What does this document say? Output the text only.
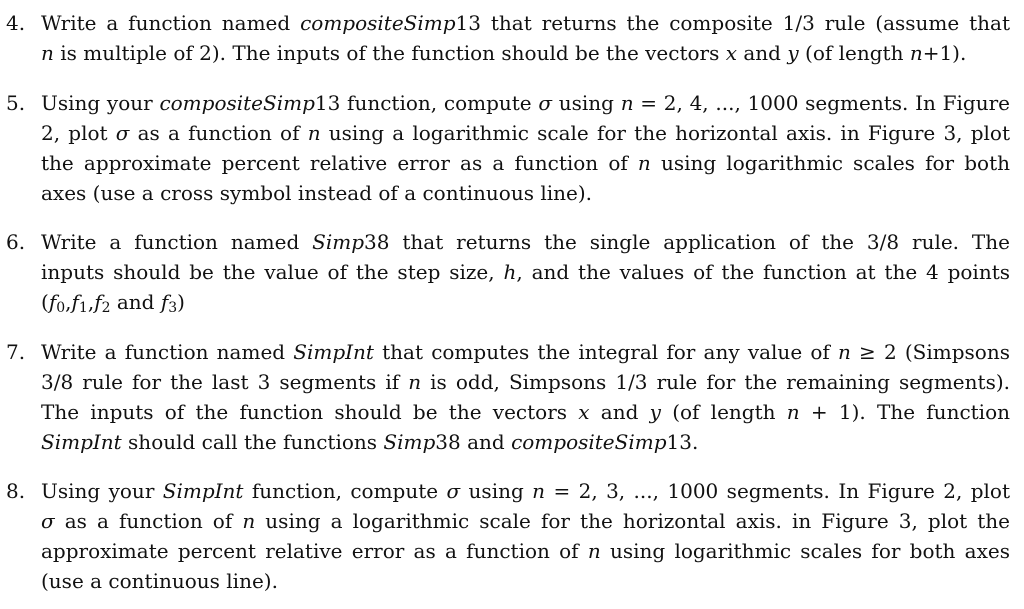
4. Write a function named compositeSimp13 that returns the composite 1/3 rule (assume that
n is multiple of 2). The inputs of the function should be the vectors x and y (of length n+1).
5. Using your compositeSimp13 function, compute σ using n = 2, 4, ..., 1000 segments. In Figure
2, plot σ as a function of n using a logarithmic scale for the horizontal axis. in Figure 3, plot
the approximate percent relative error as a function of n using logarithmic scales for both
axes (use a cross symbol instead of a continuous line).
6. Write a function named Simp38 that returns the single application of the 3/8 rule. The
inputs should be the value of the step size, h, and the values of the function at the 4 points
($f_0,f_1,f_2$ and $f_3$)
7. Write a function named SimpInt that computes the integral for any value of n ≥ 2 (Simpsons
3/8 rule for the last 3 segments if n is odd, Simpsons 1/3 rule for the remaining segments).
The inputs of the function should be the vectors x and y (of length n + 1). The function
SimpInt should call the functions Simp38 and compositeSimp13.
8. Using your SimpInt function, compute σ using n = 2, 3, ..., 1000 segments. In Figure 2, plot
σ as a function of n using a logarithmic scale for the horizontal axis. in Figure 3, plot the
approximate percent relative error as a function of n using logarithmic scales for both axes
(use a continuous line).
